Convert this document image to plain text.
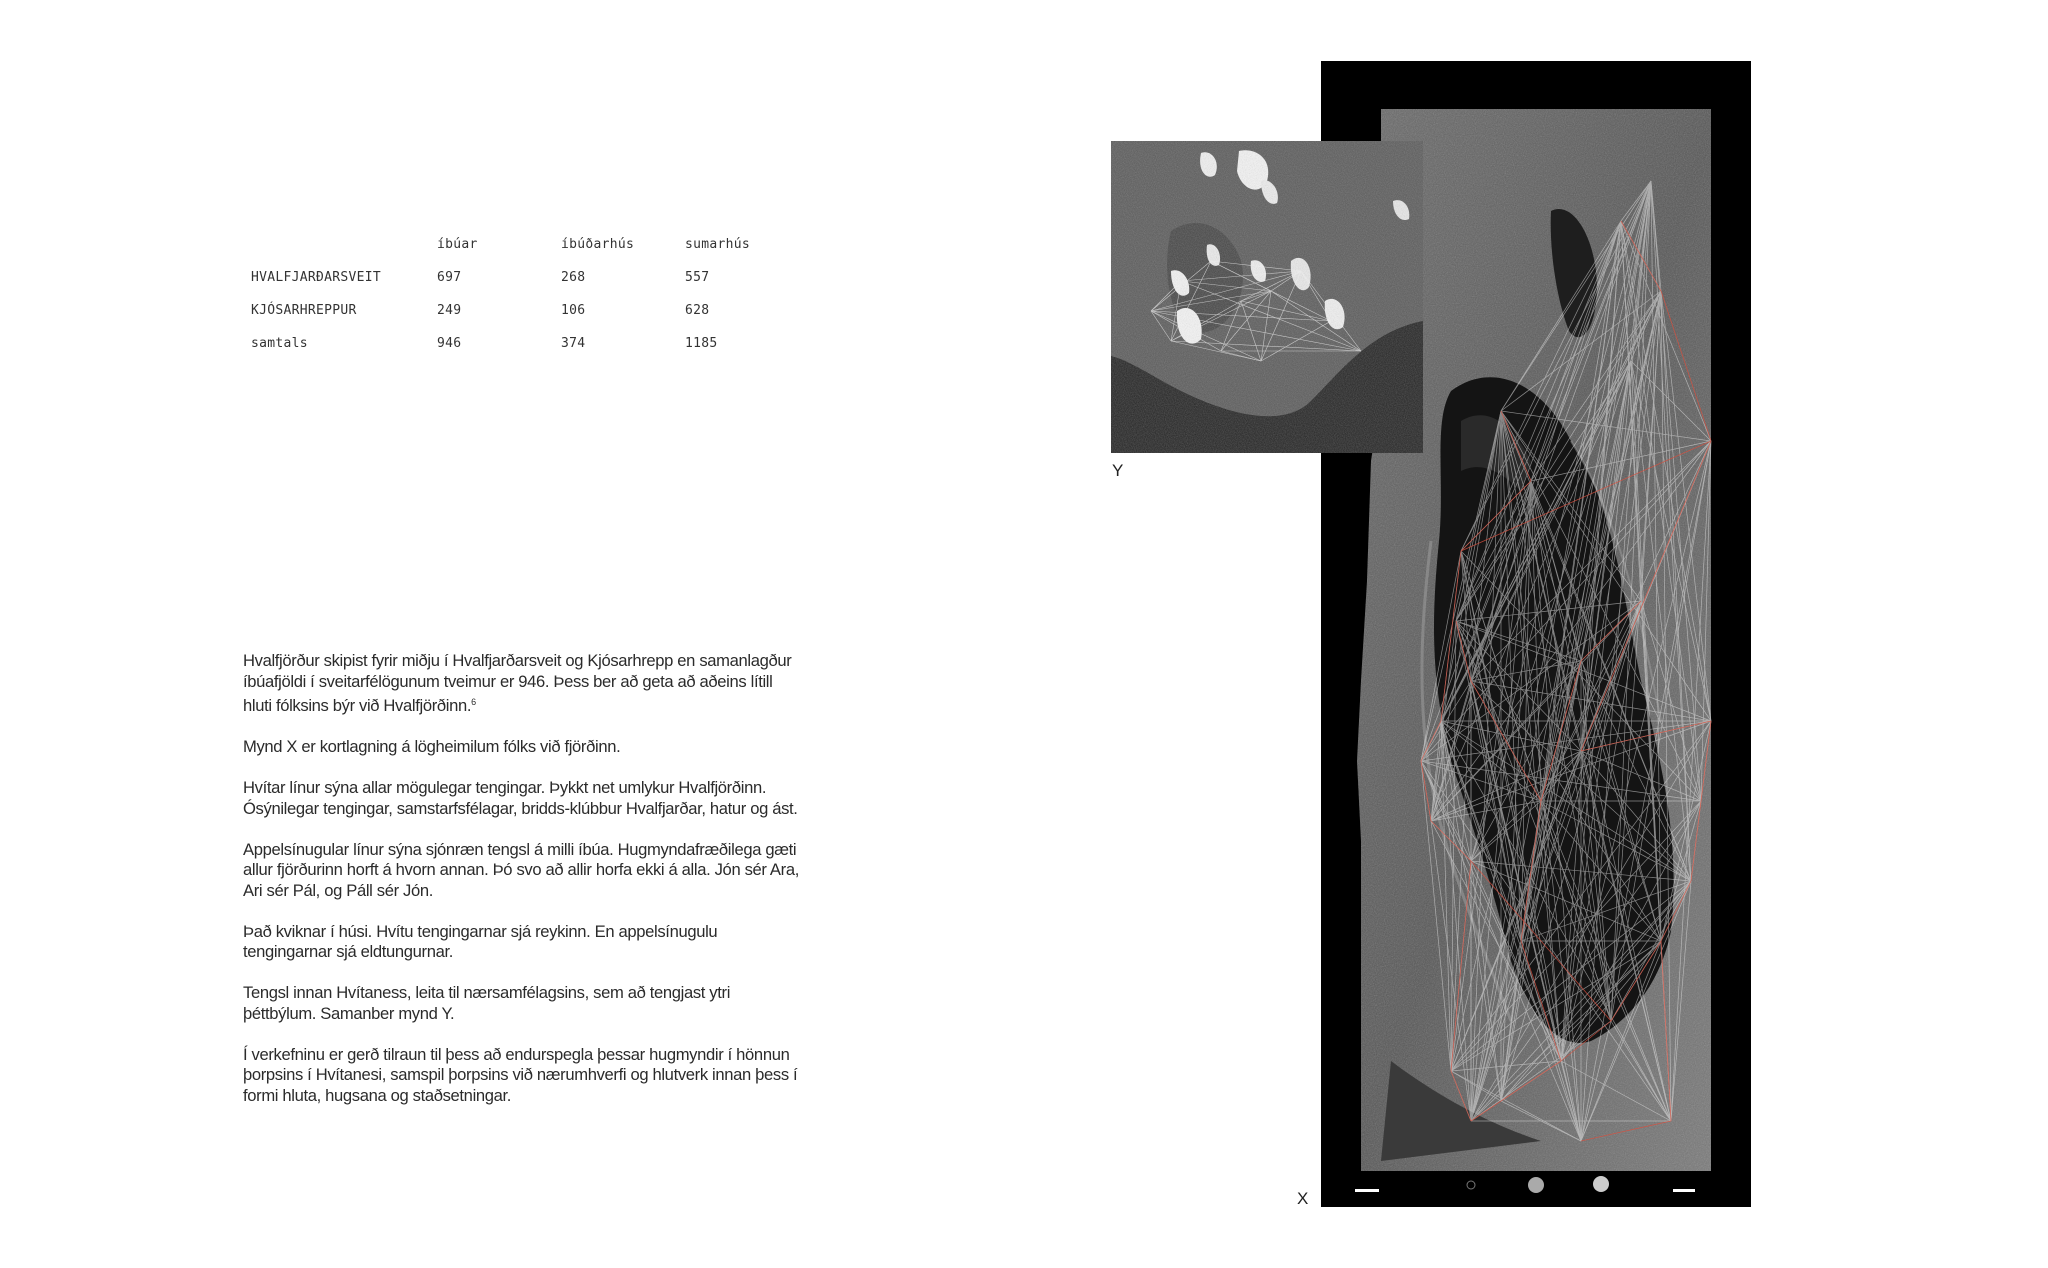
	íbúar	íbúðarhús	sumarhús
HVALFJARÐARSVEIT	697	268	557
KJÓSARHREPPUR	249	106	628
samtals	946	374	1185

Hvalfjörður skipist fyrir miðju í Hvalfjarðarsveit og Kjósarhrepp en samanlagður íbúafjöldi í sveitarfélögunum tveimur er 946. Þess ber að geta að aðeins lítill hluti fólksins býr við Hvalfjörðinn.$^6$

Mynd X er kortlagning á lögheimilum fólks við fjörðinn.

Hvítar línur sýna allar mögulegar tengingar. Þykkt net umlykur Hvalfjörðinn. Ósýnilegar tengingar, samstarfsfélagar, bridds-klúbbur Hvalfjarðar, hatur og ást.

Appelsínugular línur sýna sjónræn tengsl á milli íbúa. Hugmyndafræðilega gæti allur fjörðurinn horft á hvorn annan. Þó svo að allir horfa ekki á alla. Jón sér Ara, Ari sér Pál, og Páll sér Jón.

Það kviknar í húsi. Hvítu tengingarnar sjá reykinn. En appelsínugulu tengingarnar sjá eldtungurnar.

Tengsl innan Hvítaness, leita til nærsamfélagsins, sem að tengjast ytri þéttbýlum. Samanber mynd Y.

Í verkefninu er gerð tilraun til þess að endurspegla þessar hugmyndir í hönnun þorpsins í Hvítanesi, samspil þorpsins við nærumhverfi og hlutverk innan þess í formi hluta, hugsana og staðsetningar.

Y
X
